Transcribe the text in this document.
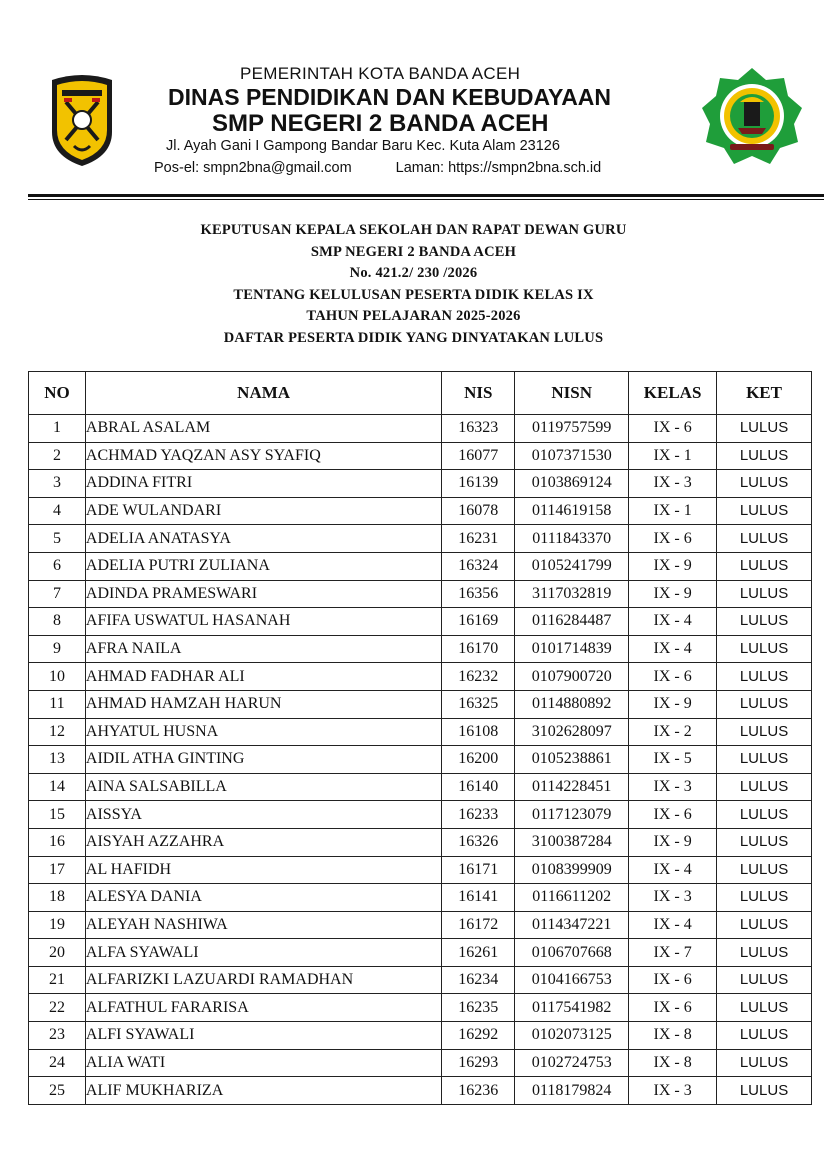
PEMERINTAH KOTA BANDA ACEH
DINAS PENDIDIKAN DAN KEBUDAYAAN
SMP NEGERI 2 BANDA ACEH
Jl. Ayah Gani I Gampong Bandar Baru Kec. Kuta Alam 23126
Pos-el: smpn2bna@gmail.com	Laman: https://smpn2bna.sch.id
KEPUTUSAN KEPALA SEKOLAH DAN RAPAT DEWAN GURU
SMP NEGERI 2 BANDA ACEH
No. 421.2/ 230 /2026
TENTANG KELULUSAN PESERTA DIDIK KELAS IX
TAHUN PELAJARAN 2025-2026
DAFTAR PESERTA DIDIK YANG DINYATAKAN LULUS
NO	NAMA	NIS	NISN	KELAS	KET
1	ABRAL ASALAM	16323	0119757599	IX - 6	LULUS
2	ACHMAD YAQZAN ASY SYAFIQ	16077	0107371530	IX - 1	LULUS
3	ADDINA FITRI	16139	0103869124	IX - 3	LULUS
4	ADE WULANDARI	16078	0114619158	IX - 1	LULUS
5	ADELIA ANATASYA	16231	0111843370	IX - 6	LULUS
6	ADELIA PUTRI ZULIANA	16324	0105241799	IX - 9	LULUS
7	ADINDA PRAMESWARI	16356	3117032819	IX - 9	LULUS
8	AFIFA USWATUL HASANAH	16169	0116284487	IX - 4	LULUS
9	AFRA NAILA	16170	0101714839	IX - 4	LULUS
10	AHMAD FADHAR ALI	16232	0107900720	IX - 6	LULUS
11	AHMAD HAMZAH HARUN	16325	0114880892	IX - 9	LULUS
12	AHYATUL HUSNA	16108	3102628097	IX - 2	LULUS
13	AIDIL ATHA GINTING	16200	0105238861	IX - 5	LULUS
14	AINA SALSABILLA	16140	0114228451	IX - 3	LULUS
15	AISSYA	16233	0117123079	IX - 6	LULUS
16	AISYAH AZZAHRA	16326	3100387284	IX - 9	LULUS
17	AL HAFIDH	16171	0108399909	IX - 4	LULUS
18	ALESYA DANIA	16141	0116611202	IX - 3	LULUS
19	ALEYAH NASHIWA	16172	0114347221	IX - 4	LULUS
20	ALFA SYAWALI	16261	0106707668	IX - 7	LULUS
21	ALFARIZKI LAZUARDI RAMADHAN	16234	0104166753	IX - 6	LULUS
22	ALFATHUL FARARISA	16235	0117541982	IX - 6	LULUS
23	ALFI SYAWALI	16292	0102073125	IX - 8	LULUS
24	ALIA WATI	16293	0102724753	IX - 8	LULUS
25	ALIF MUKHARIZA	16236	0118179824	IX - 3	LULUS
